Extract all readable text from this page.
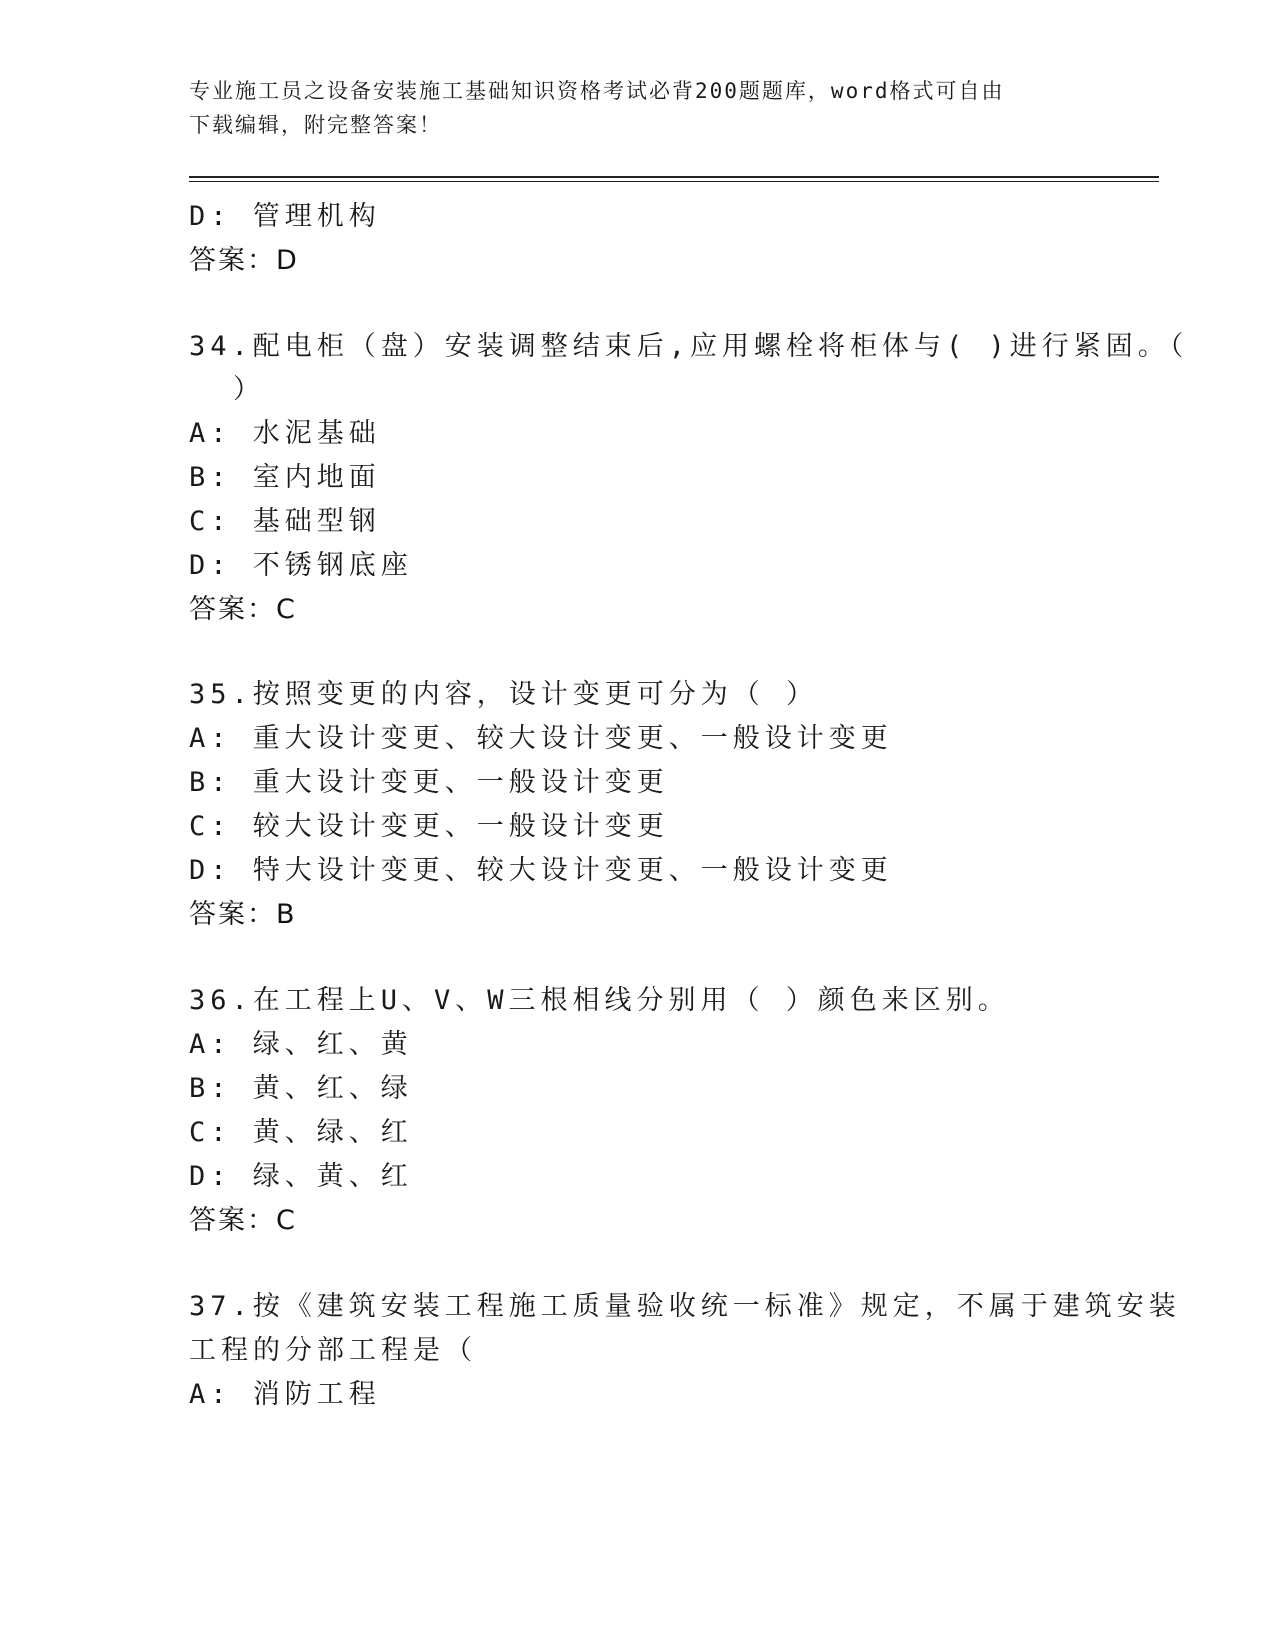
专业施工员之设备安装施工基础知识资格考试必背200题题库，word格式可自由
下载编辑，附完整答案！
D: 管理机构
答案：D
34.配电柜（盘）安装调整结束后,应用螺栓将柜体与( )进行紧固。（
）
A: 水泥基础
B: 室内地面
C: 基础型钢
D: 不锈钢底座
答案：C
35.按照变更的内容，设计变更可分为（ ）
A: 重大设计变更、较大设计变更、一般设计变更
B: 重大设计变更、一般设计变更
C: 较大设计变更、一般设计变更
D: 特大设计变更、较大设计变更、一般设计变更
答案：B
36.在工程上U、V、W三根相线分别用（ ）颜色来区别。
A: 绿、红、黄
B: 黄、红、绿
C: 黄、绿、红
D: 绿、黄、红
答案：C
37.按《建筑安装工程施工质量验收统一标准》规定，不属于建筑安装
工程的分部工程是（
A: 消防工程
